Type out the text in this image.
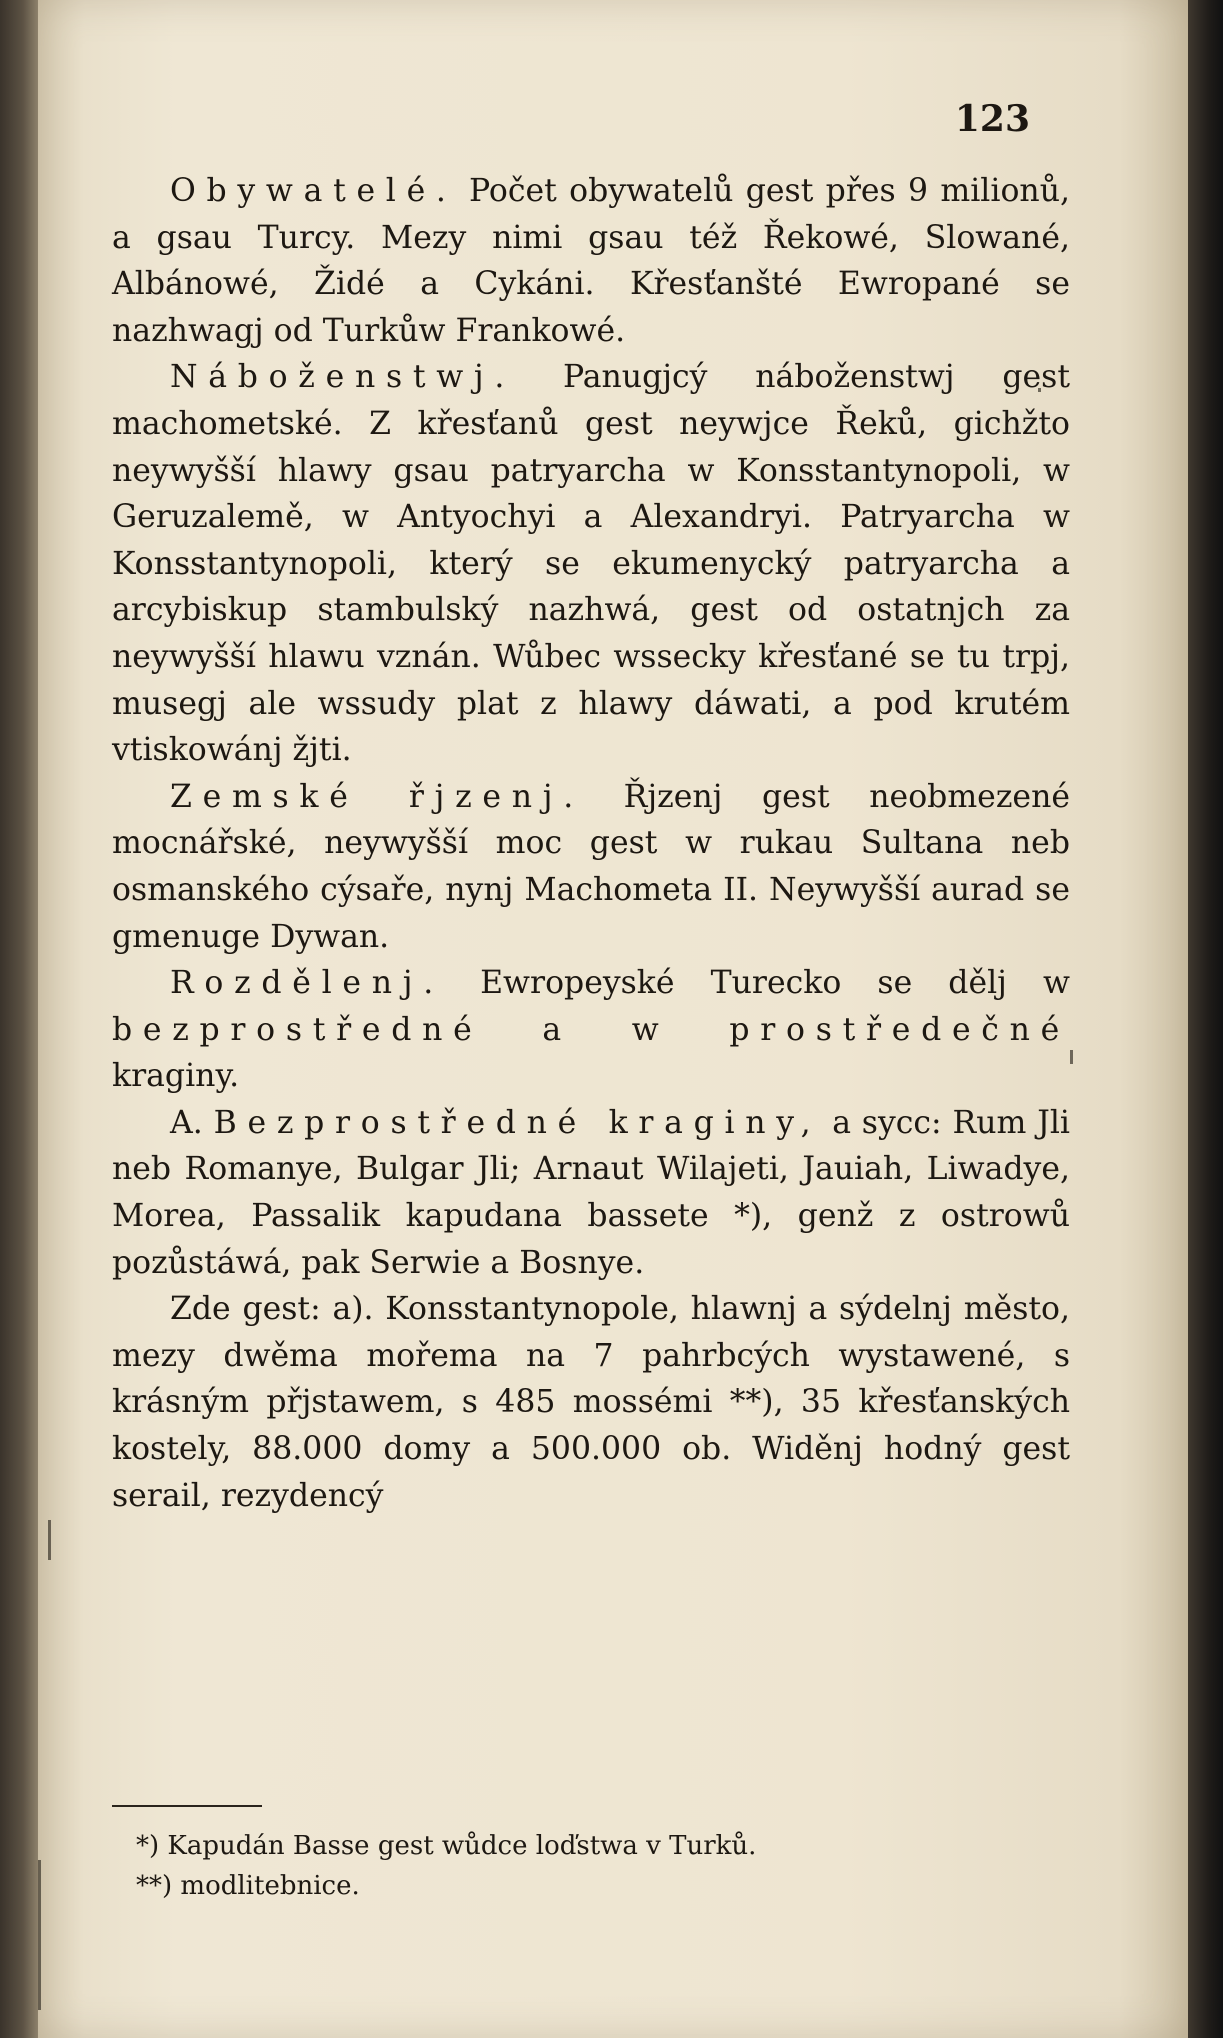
123

Obywatelé. Počet obywatelů gest přes 9 milionů, a gsau Turcy. Mezy nimi gsau též Řekowé, Slowané, Albánowé, Židé a Cykáni. Křesťanšté Ewropané se nazhwagj od Turkůw Frankowé.

Náboženstwj. Panugjcý náboženstwj gest machometské. Z křesťanů gest neywjce Řeků, gichžto neywyšší hlawy gsau patryarcha w Konsstantynopoli, w Geruzalemě, w Antyochyi a Alexandryi. Patryarcha w Konsstantynopoli, který se ekumenycký patryarcha a arcybiskup stambulský nazhwá, gest od ostatnjch za neywyšší hlawu vznán. Wůbec wssecky křesťané se tu trpj, musegj ale wssudy plat z hlawy dáwati, a pod krutém vtiskowánj žjti.

Zemské řjzenj. Řjzenj gest neobmezené mocnářské, neywyšší moc gest w rukau Sultana neb osmanského cýsaře, nynj Machometa II. Neywyšší aurad se gmenuge Dywan.

Rozdělenj. Ewropeyské Turecko se dělj w bezprostředné a w prostředečné kraginy.

A. Bezprostředné kraginy, a sycc: Rum Jli neb Romanye, Bulgar Jli; Arnaut Wilajeti, Jauiah, Liwadye, Morea, Passalik kapudana bassete *), genž z ostrowů pozůstáwá, pak Serwie a Bosnye.

Zde gest: a). Konsstantynopole, hlawnj a sýdelnj město, mezy dwěma mořema na 7 pahrbcých wystawené, s krásným přjstawem, s 485 mossémi **), 35 křesťanských kostely, 88.000 domy a 500.000 ob. Widěnj hodný gest serail, rezydencý

*) Kapudán Basse gest wůdce loďstwa v Turků.
**) modlitebnice.
